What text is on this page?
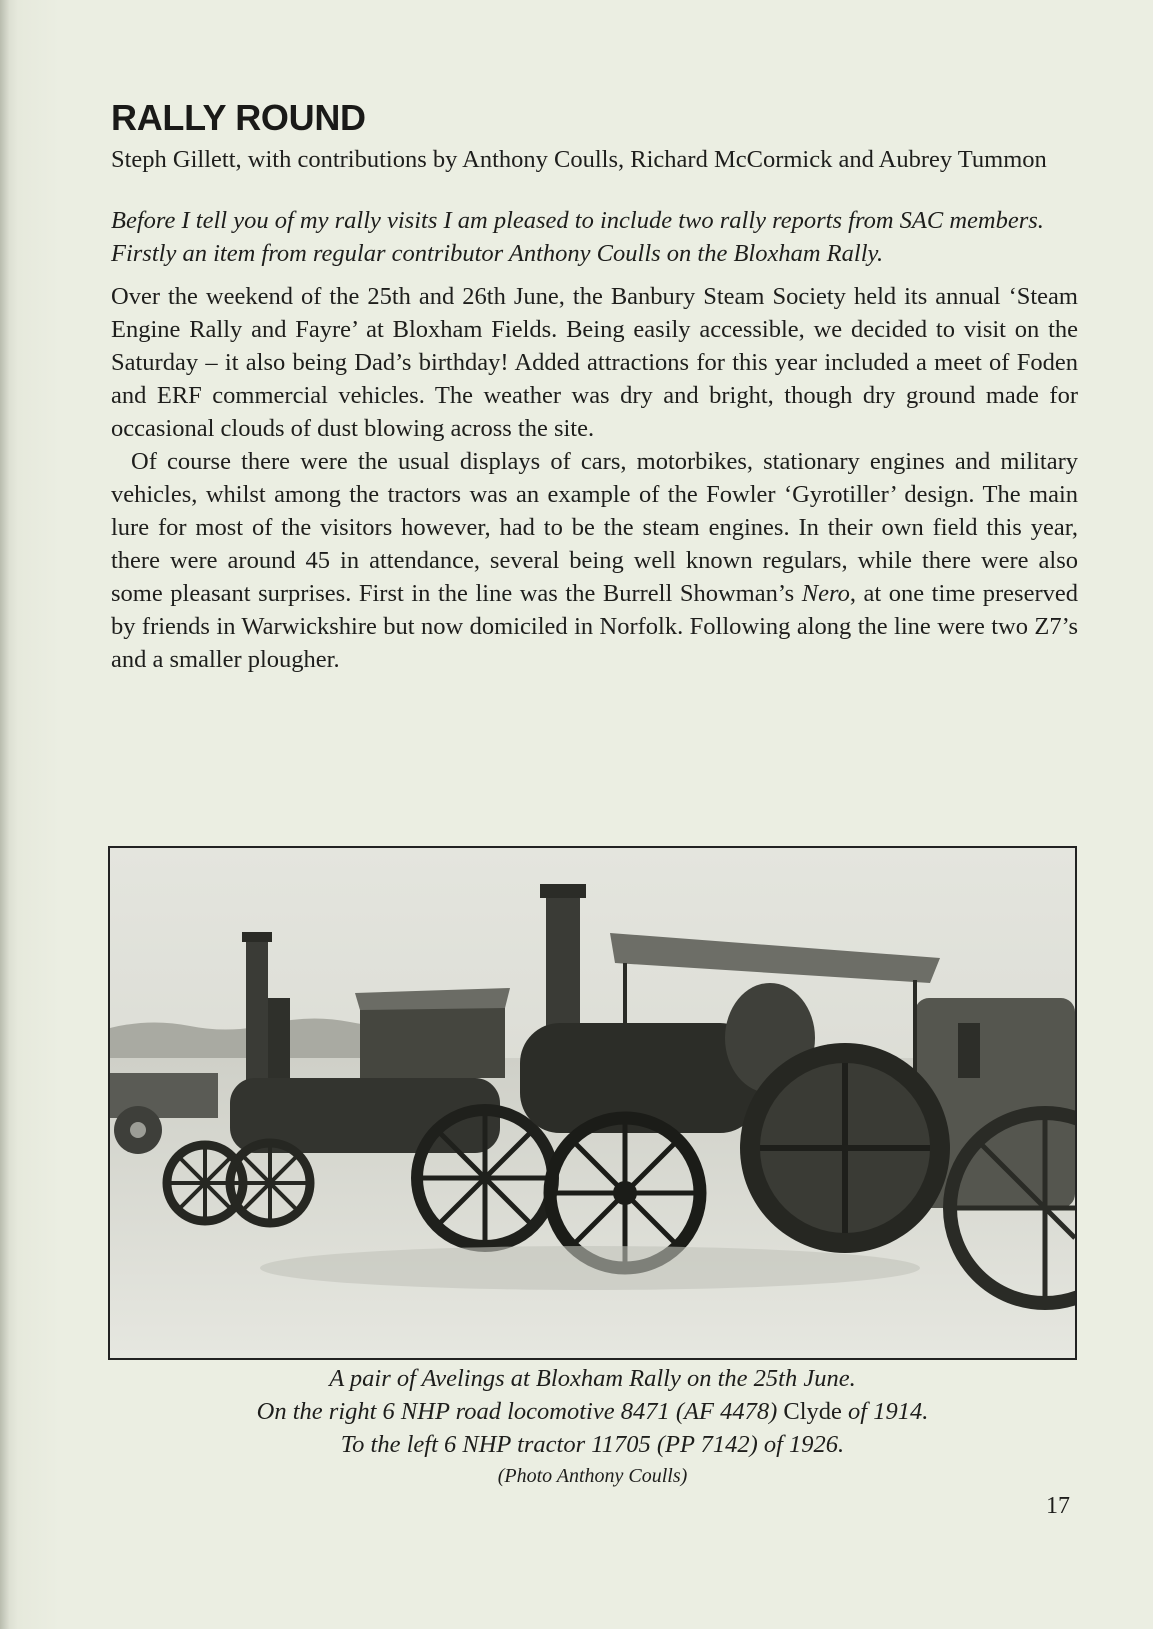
RALLY ROUND

Steph Gillett, with contributions by Anthony Coulls, Richard McCormick and Aubrey Tummon

Before I tell you of my rally visits I am pleased to include two rally reports from SAC members. Firstly an item from regular contributor Anthony Coulls on the Bloxham Rally.

Over the weekend of the 25th and 26th June, the Banbury Steam Society held its annual ‘Steam Engine Rally and Fayre’ at Bloxham Fields. Being easily accessible, we decided to visit on the Saturday – it also being Dad’s birthday! Added attractions for this year included a meet of Foden and ERF commercial vehicles. The weather was dry and bright, though dry ground made for occasional clouds of dust blowing across the site.

Of course there were the usual displays of cars, motorbikes, stationary engines and military vehicles, whilst among the tractors was an example of the Fowler ‘Gyrotiller’ design. The main lure for most of the visitors however, had to be the steam engines. In their own field this year, there were around 45 in attendance, several being well known regulars, while there were also some pleasant surprises. First in the line was the Burrell Showman’s Nero, at one time preserved by friends in Warwickshire but now domiciled in Norfolk. Following along the line were two Z7’s and a smaller plougher.

A pair of Avelings at Bloxham Rally on the 25th June.
On the right 6 NHP road locomotive 8471 (AF 4478) Clyde of 1914.
To the left 6 NHP tractor 11705 (PP 7142) of 1926.
(Photo Anthony Coulls)
17
